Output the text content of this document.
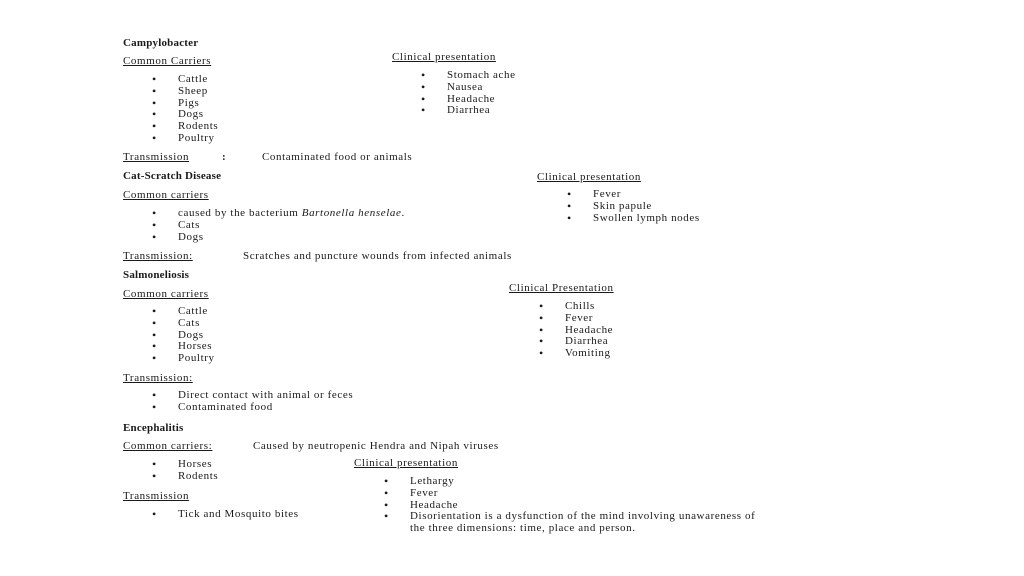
Campylobacter
Common Carriers
• Cattle
• Sheep
• Pigs
• Dogs
• Rodents
• Poultry
Clinical presentation
• Stomach ache
• Nausea
• Headache
• Diarrhea
Transmission	:	Contaminated food or animals
Cat-Scratch Disease
Common carriers
• caused by the bacterium Bartonella henselae.
• Cats
• Dogs
Clinical presentation
• Fever
• Skin papule
• Swollen lymph nodes
Transmission:	Scratches and puncture wounds from infected animals
Salmoneliosis
Common carriers
• Cattle
• Cats
• Dogs
• Horses
• Poultry
Clinical Presentation
• Chills
• Fever
• Headache
• Diarrhea
• Vomiting
Transmission:
• Direct contact with animal or feces
• Contaminated food
Encephalitis
Common carriers:	Caused by neutropenic Hendra and Nipah viruses
• Horses
• Rodents
Clinical presentation
• Lethargy
• Fever
• Headache
• Disorientation is a dysfunction of the mind involving unawareness of
the three dimensions: time, place and person.
Transmission
• Tick and Mosquito bites
